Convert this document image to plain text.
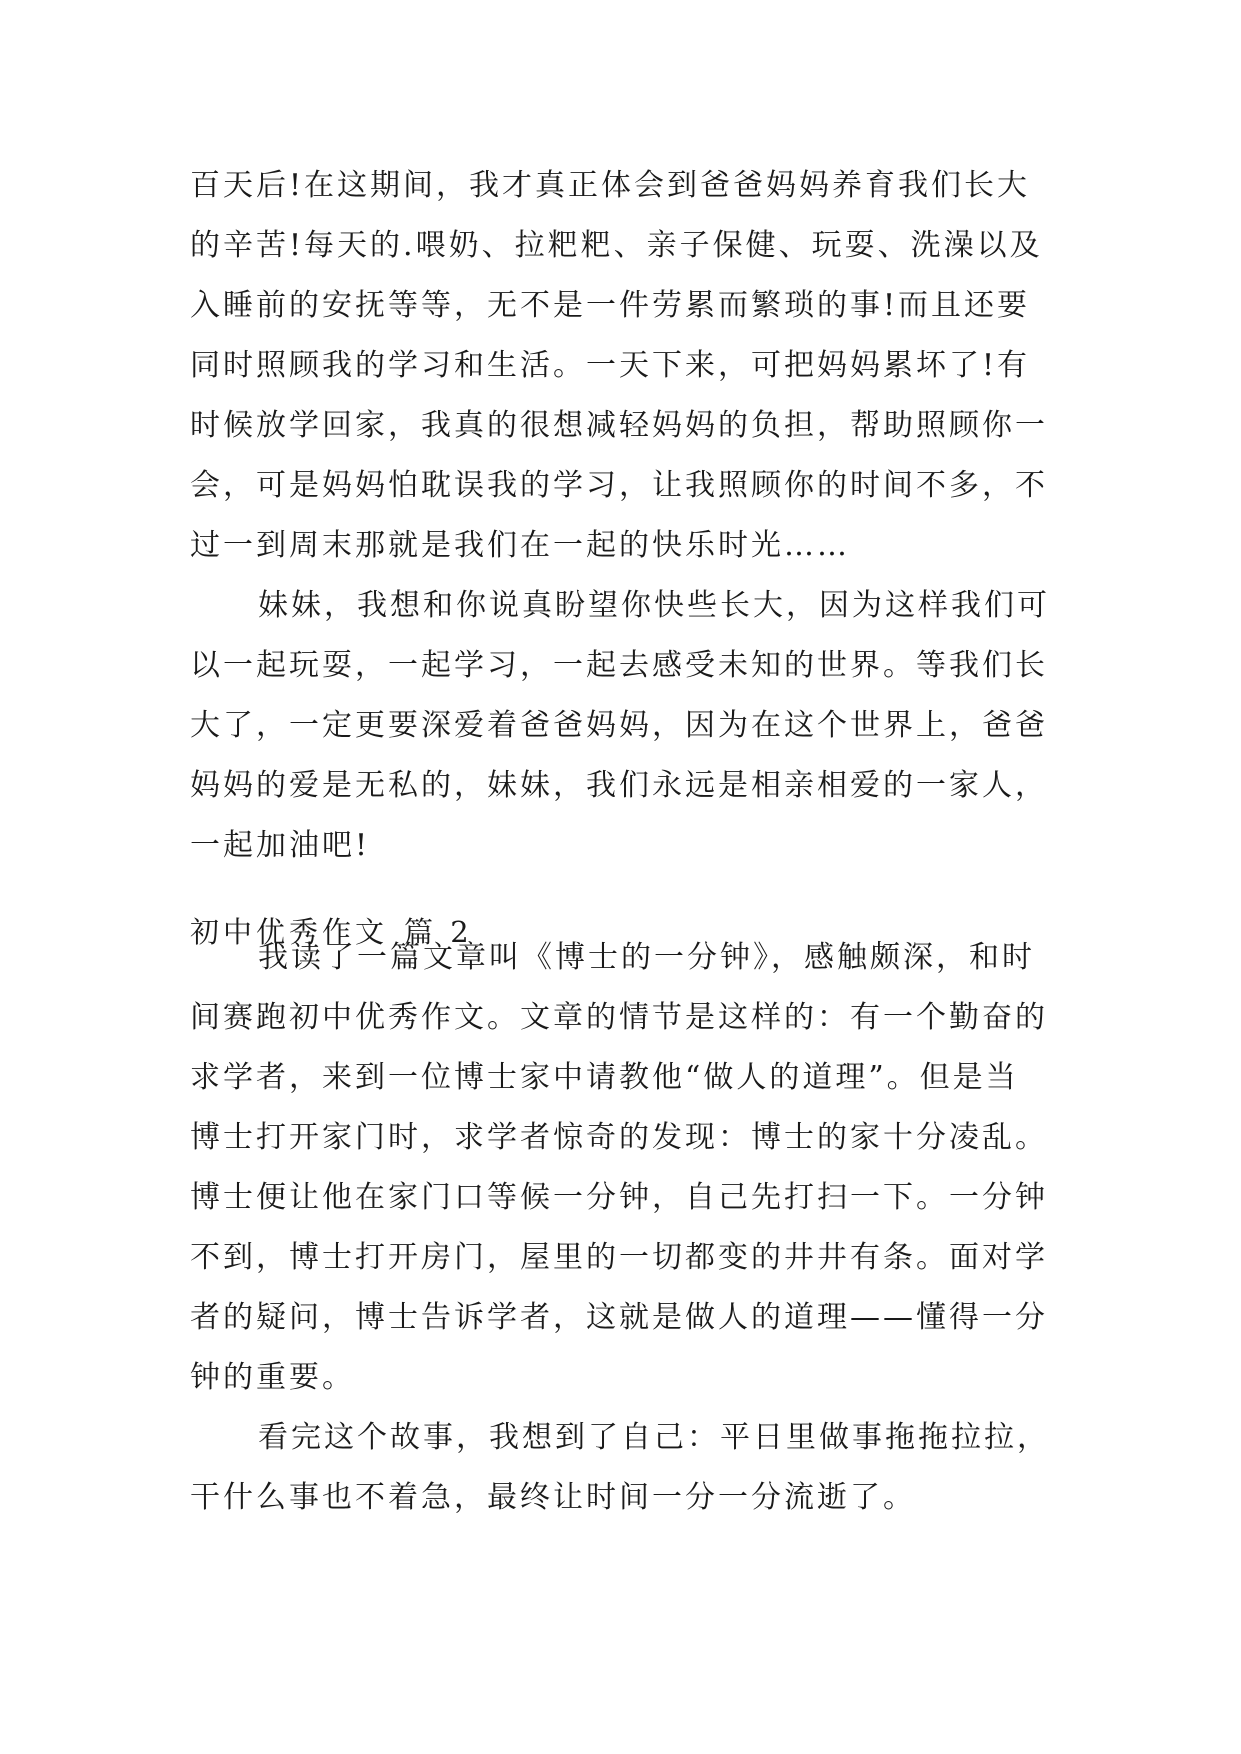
百天后!在这期间，我才真正体会到爸爸妈妈养育我们长大
的辛苦!每天的.喂奶、拉粑粑、亲子保健、玩耍、洗澡以及
入睡前的安抚等等，无不是一件劳累而繁琐的事!而且还要
同时照顾我的学习和生活。一天下来，可把妈妈累坏了!有
时候放学回家，我真的很想减轻妈妈的负担，帮助照顾你一
会，可是妈妈怕耽误我的学习，让我照顾你的时间不多，不
过一到周末那就是我们在一起的快乐时光……
妹妹，我想和你说真盼望你快些长大，因为这样我们可
以一起玩耍，一起学习，一起去感受未知的世界。等我们长
大了，一定更要深爱着爸爸妈妈，因为在这个世界上，爸爸
妈妈的爱是无私的，妹妹，我们永远是相亲相爱的一家人，
一起加油吧!
初中优秀作文 篇 2
我读了一篇文章叫《博士的一分钟》，感触颇深，和时
间赛跑初中优秀作文。文章的情节是这样的：有一个勤奋的
求学者，来到一位博士家中请教他“做人的道理”。但是当
博士打开家门时，求学者惊奇的发现：博士的家十分凌乱。
博士便让他在家门口等候一分钟，自己先打扫一下。一分钟
不到，博士打开房门，屋里的一切都变的井井有条。面对学
者的疑问，博士告诉学者，这就是做人的道理——懂得一分
钟的重要。
看完这个故事，我想到了自己：平日里做事拖拖拉拉，
干什么事也不着急，最终让时间一分一分流逝了。
